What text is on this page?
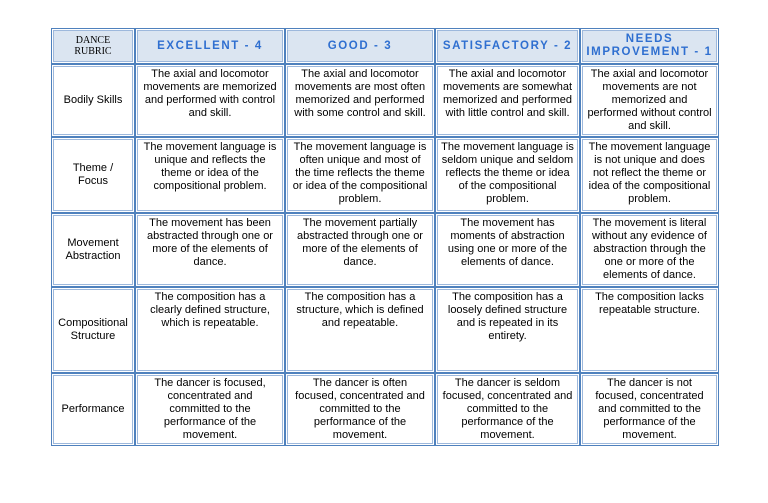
DANCE
RUBRIC	EXCELLENT - 4	GOOD - 3	SATISFACTORY - 2	NEEDS IMPROVEMENT - 1
Bodily Skills	The axial and locomotor movements are memorized and performed with control and skill.	The axial and locomotor movements are most often memorized and performed with some control and skill.	The axial and locomotor movements are somewhat memorized and performed with little control and skill.	The axial and locomotor movements are not memorized and performed without control and skill.
Theme / Focus	The movement language is unique and reflects the theme or idea of the compositional problem.	The movement language is often unique and most of the time reflects the theme or idea of the compositional problem.	The movement language is seldom unique and seldom reflects the theme or idea of the compositional problem.	The movement language is not unique and does not reflect the theme or idea of the compositional problem.
Movement Abstraction	The movement has been abstracted through one or more of the elements of dance.	The movement partially abstracted through one or more of the elements of dance.	The movement has moments of abstraction using one or more of the elements of dance.	The movement is literal without any evidence of abstraction through the one or more of the elements of dance.
Compositional Structure	The composition has a clearly defined structure, which is repeatable.	The composition has a structure, which is defined and repeatable.	The composition has a loosely defined structure and is repeated in its entirety.	The composition lacks repeatable structure.
Performance	The dancer is focused, concentrated and committed to the performance of the movement.	The dancer is often focused, concentrated and committed to the performance of the movement.	The dancer is seldom focused, concentrated and committed to the performance of the movement.	The dancer is not focused, concentrated and committed to the performance of the movement.
